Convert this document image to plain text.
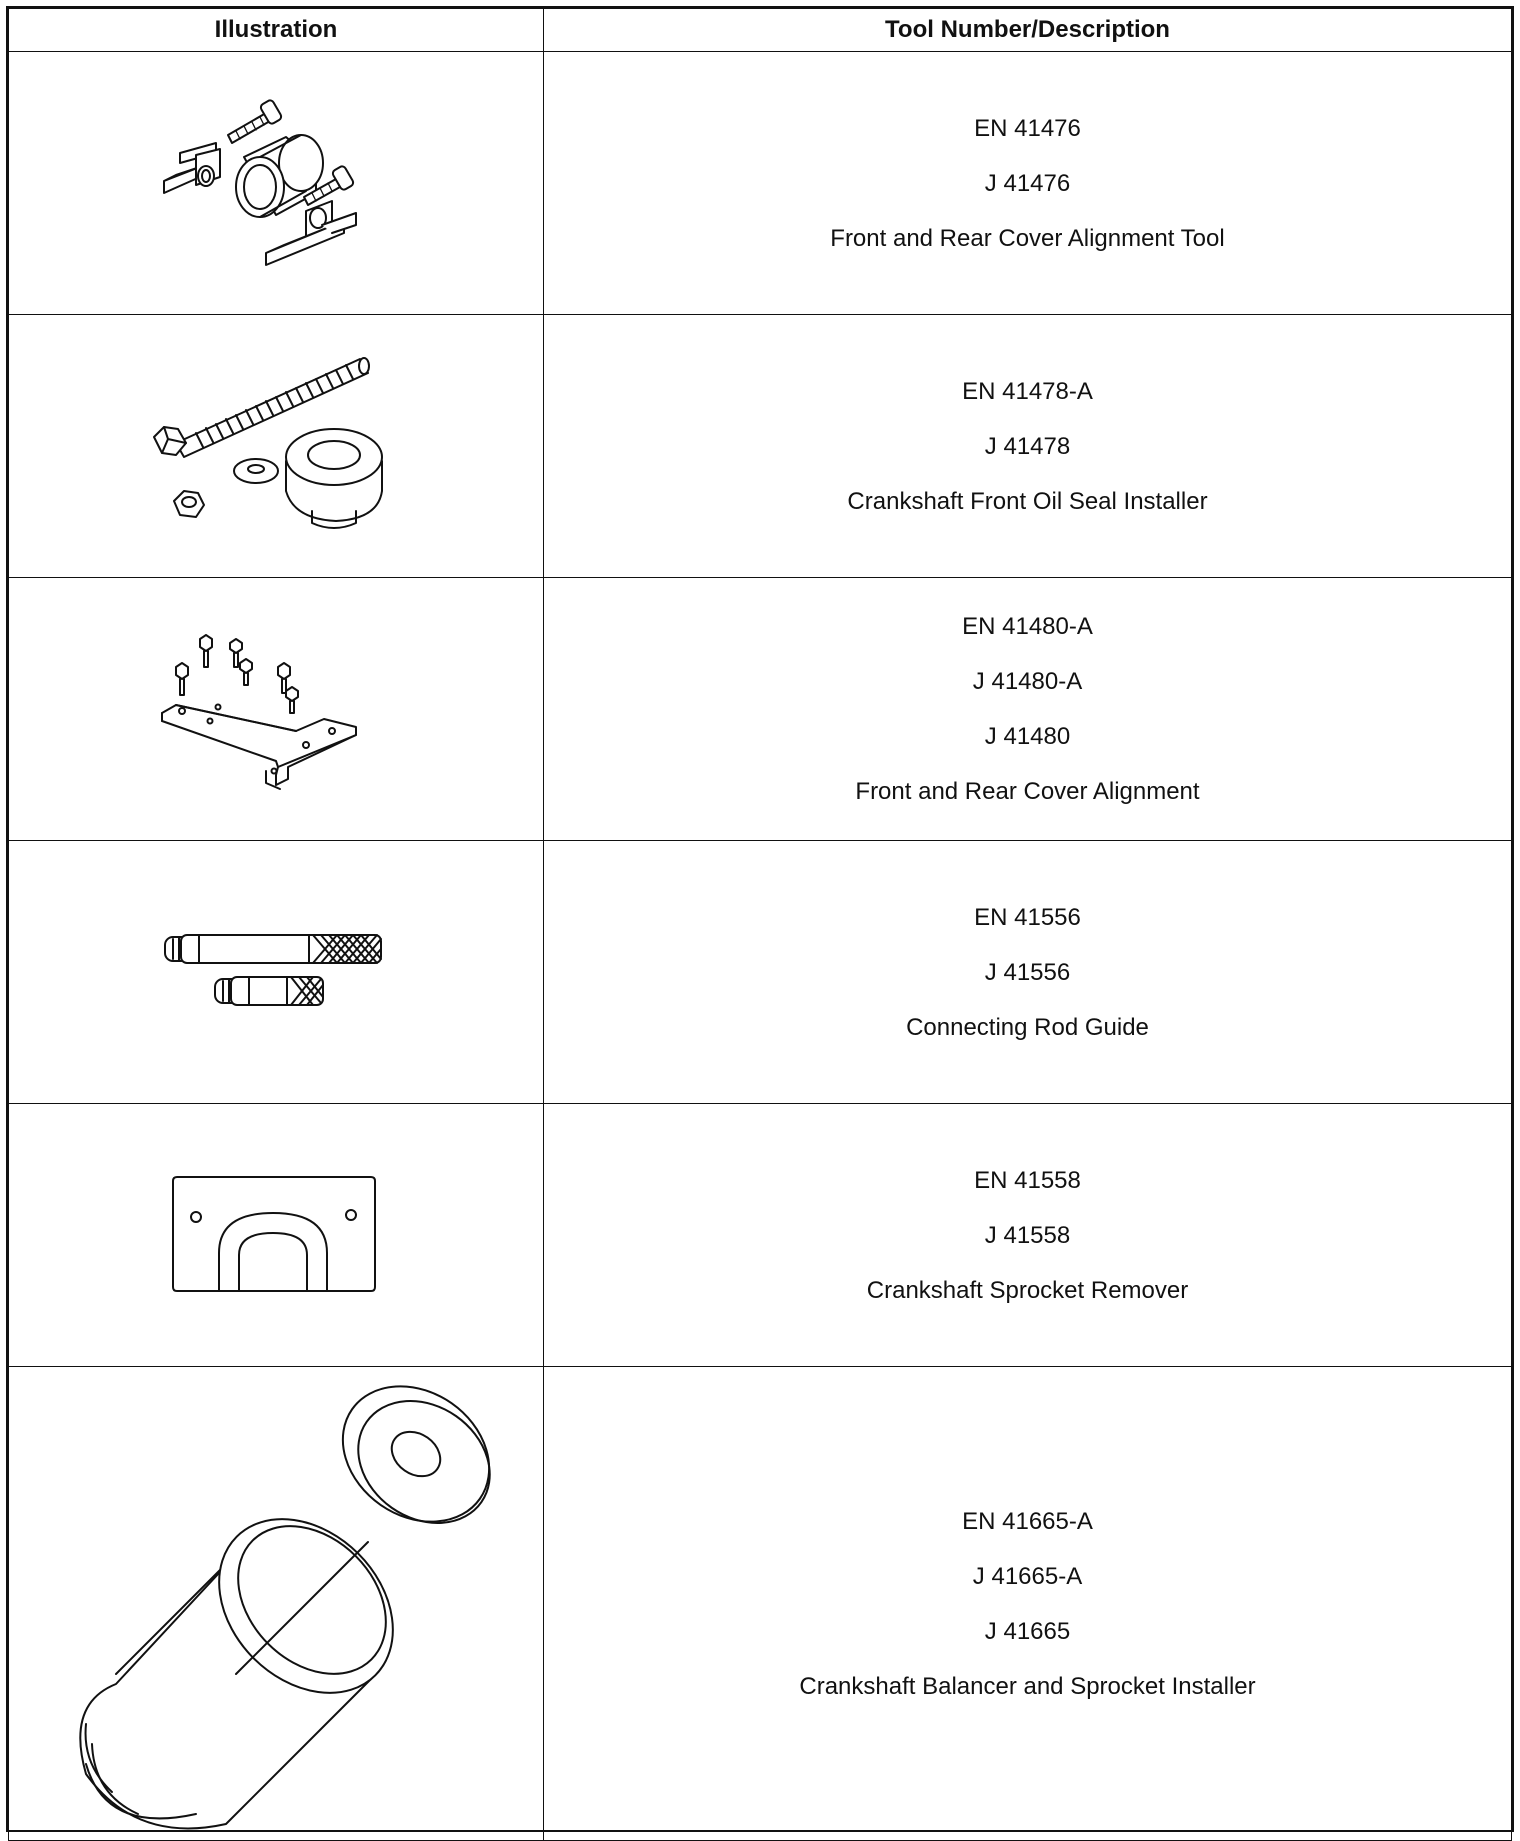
Illustration	Tool Number/Description

EN 41476
J 41476
Front and Rear Cover Alignment Tool

EN 41478-A
J 41478
Crankshaft Front Oil Seal Installer

EN 41480-A
J 41480-A
J 41480
Front and Rear Cover Alignment

EN 41556
J 41556
Connecting Rod Guide

EN 41558
J 41558
Crankshaft Sprocket Remover

EN 41665-A
J 41665-A
J 41665
Crankshaft Balancer and Sprocket Installer
